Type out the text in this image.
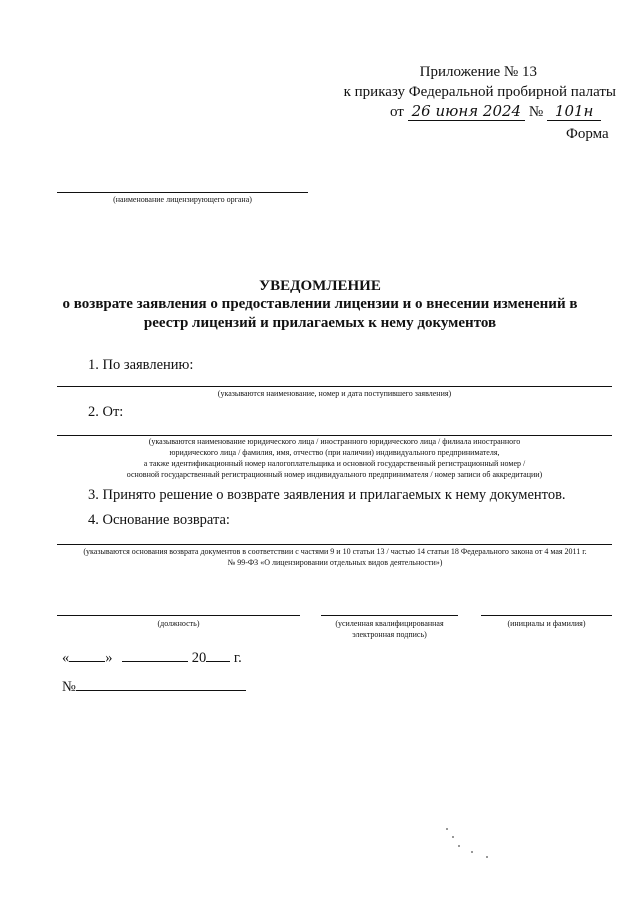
Приложение № 13
к приказу Федеральной пробирной палаты
от 26 июня 2024 № 101н
Форма
(наименование лицензирующего органа)
УВЕДОМЛЕНИЕ
о возврате заявления о предоставлении лицензии и о внесении изменений в
реестр лицензий и прилагаемых к нему документов
1. По заявлению:
(указываются наименование, номер и дата поступившего заявления)
2. От:
(указываются наименование юридического лица / иностранного юридического лица / филиала иностранного
юридического лица / фамилия, имя, отчество (при наличии) индивидуального предпринимателя,
а также идентификационный номер налогоплательщика и основной государственный регистрационный номер /
основной государственный регистрационный номер индивидуального предпринимателя / номер записи об аккредитации)
3. Принято решение о возврате заявления и прилагаемых к нему документов.
4. Основание возврата:
(указываются основания возврата документов в соответствии с частями 9 и 10 статьи 13 / частью 14 статьи 18 Федерального закона от 4 мая 2011 г.
№ 99-ФЗ «О лицензировании отдельных видов деятельности»)
(должность)	(усиленная квалифицированная
электронная подпись)
(инициалы и фамилия)
« »	20 г.
№
